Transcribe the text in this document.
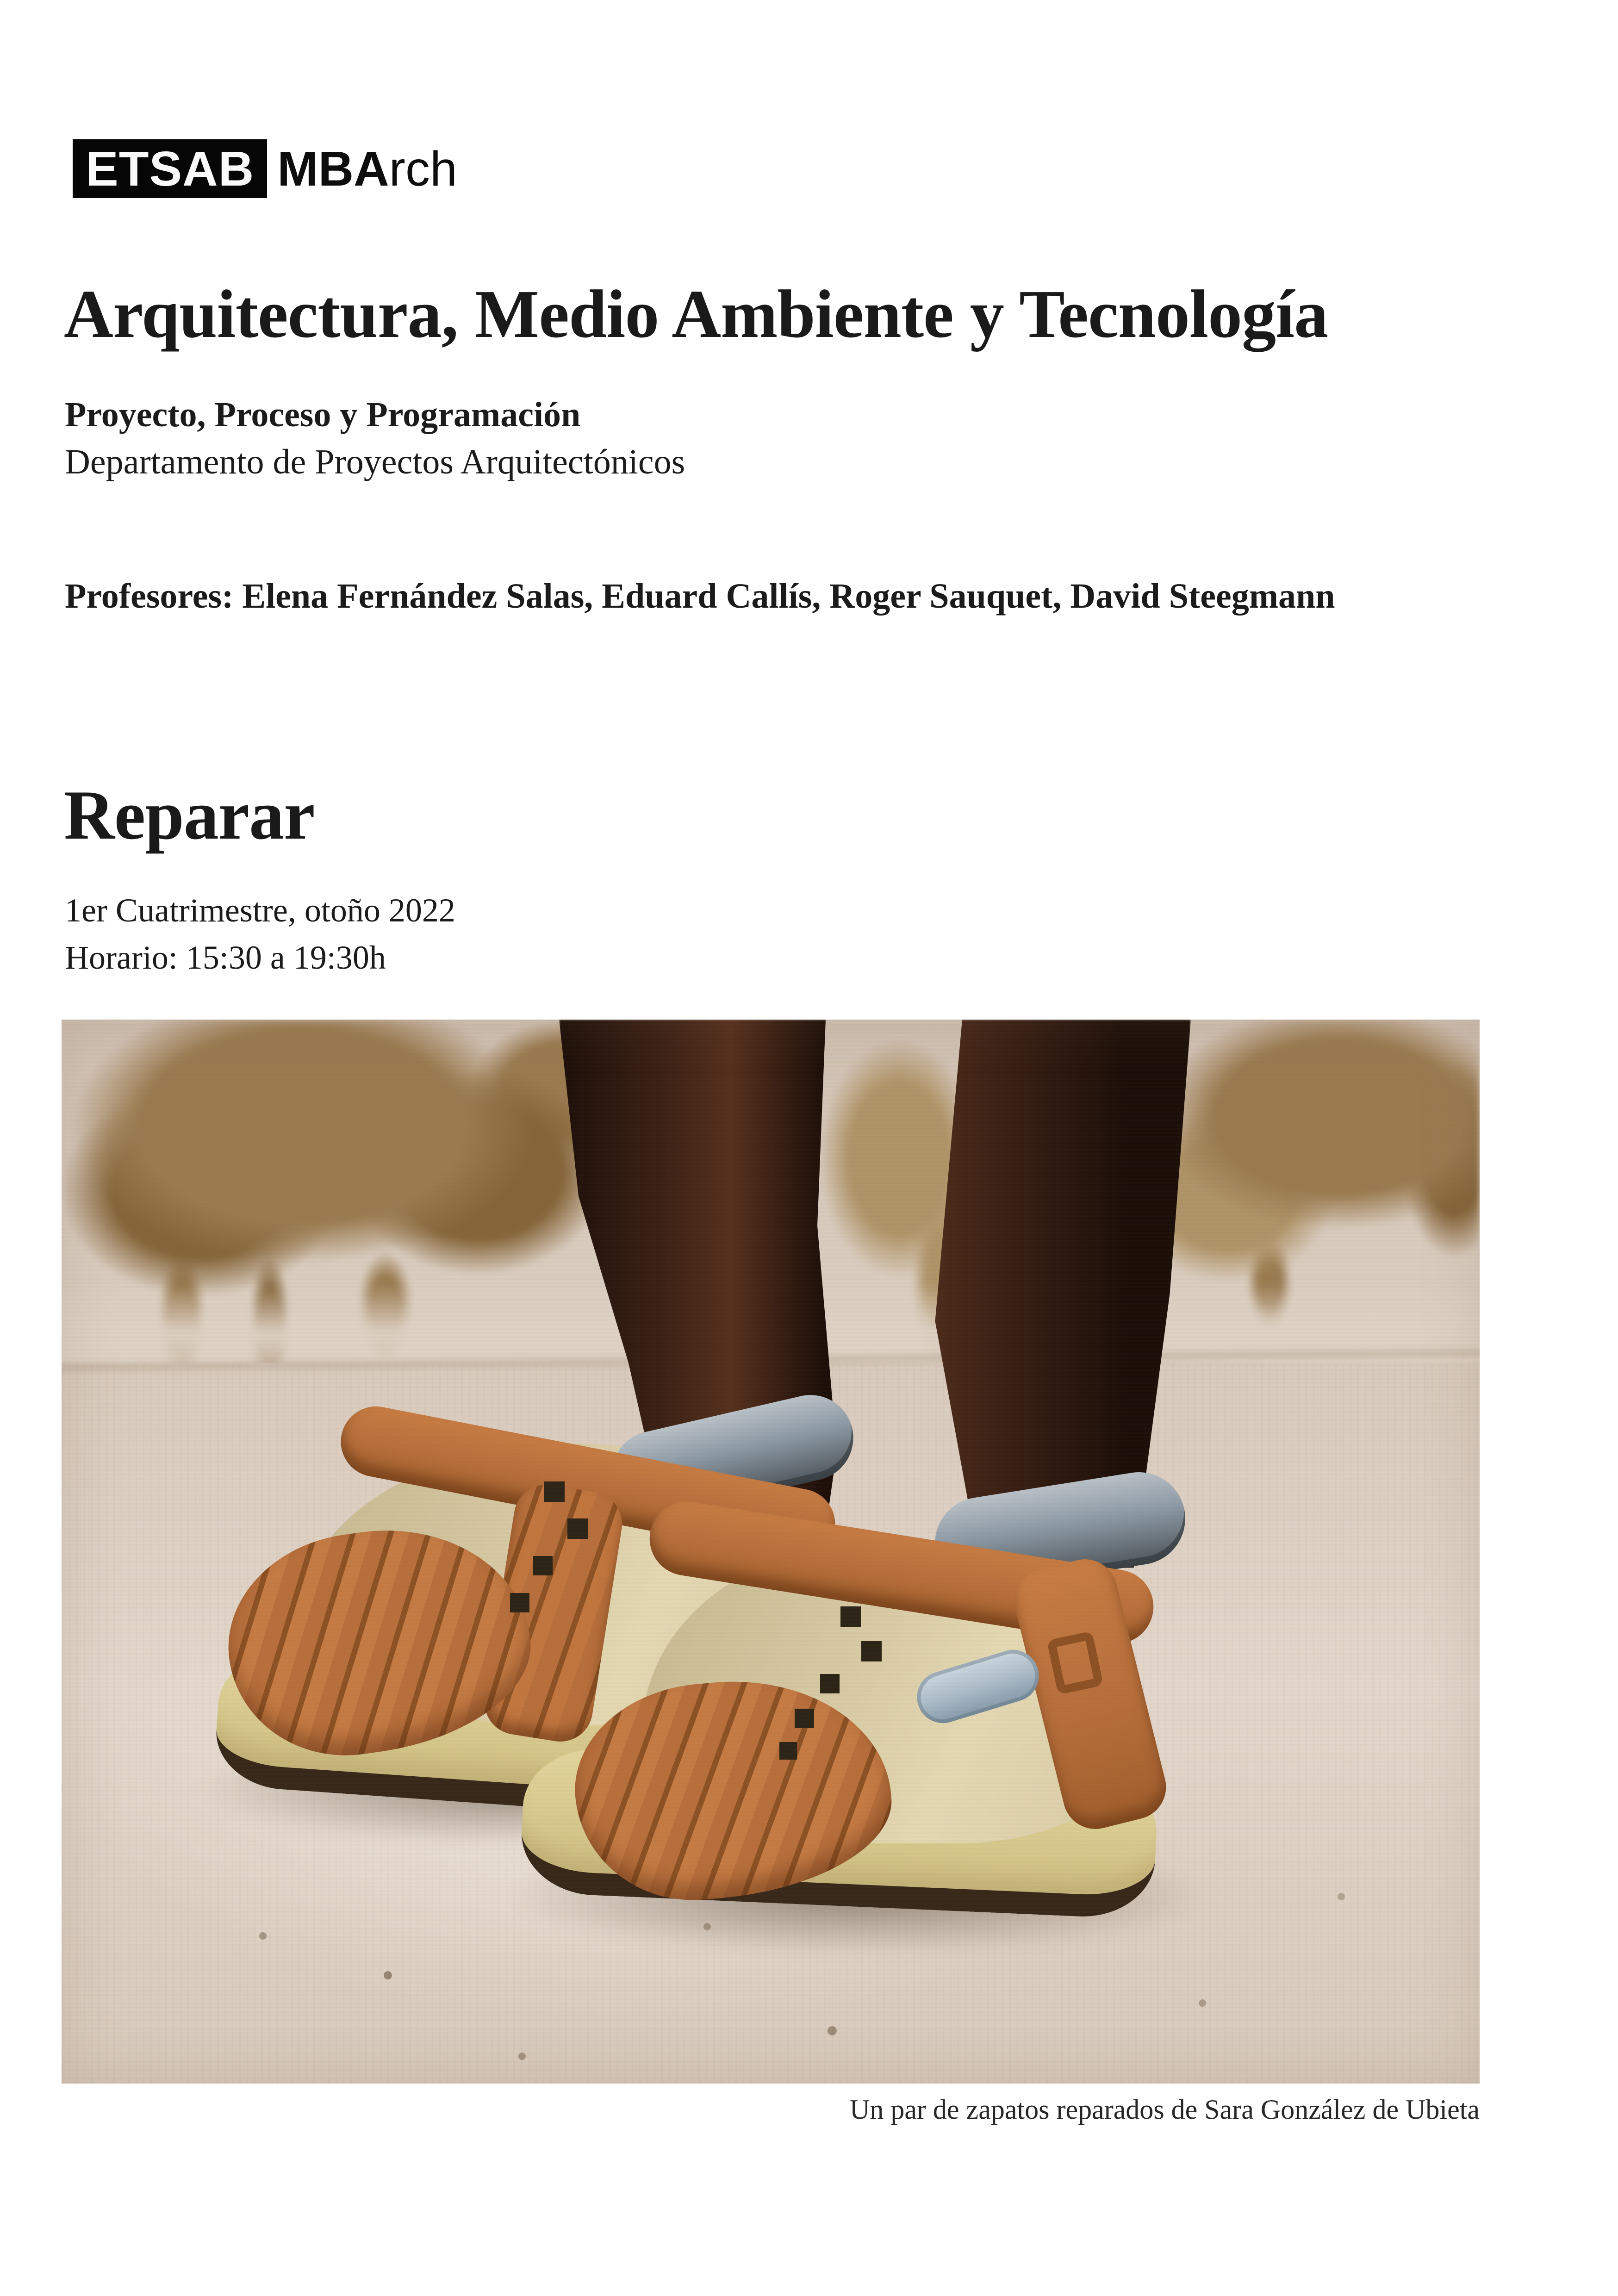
ETSAB MBA rch
Arquitectura, Medio Ambiente y Tecnología
Proyecto, Proceso y Programación
Departamento de Proyectos Arquitectónicos
Profesores: Elena Fernández Salas, Eduard Callís, Roger Sauquet, David Steegmann
Reparar
1er Cuatrimestre, otoño 2022
Horario: 15:30 a 19:30h
Un par de zapatos reparados de Sara González de Ubieta
